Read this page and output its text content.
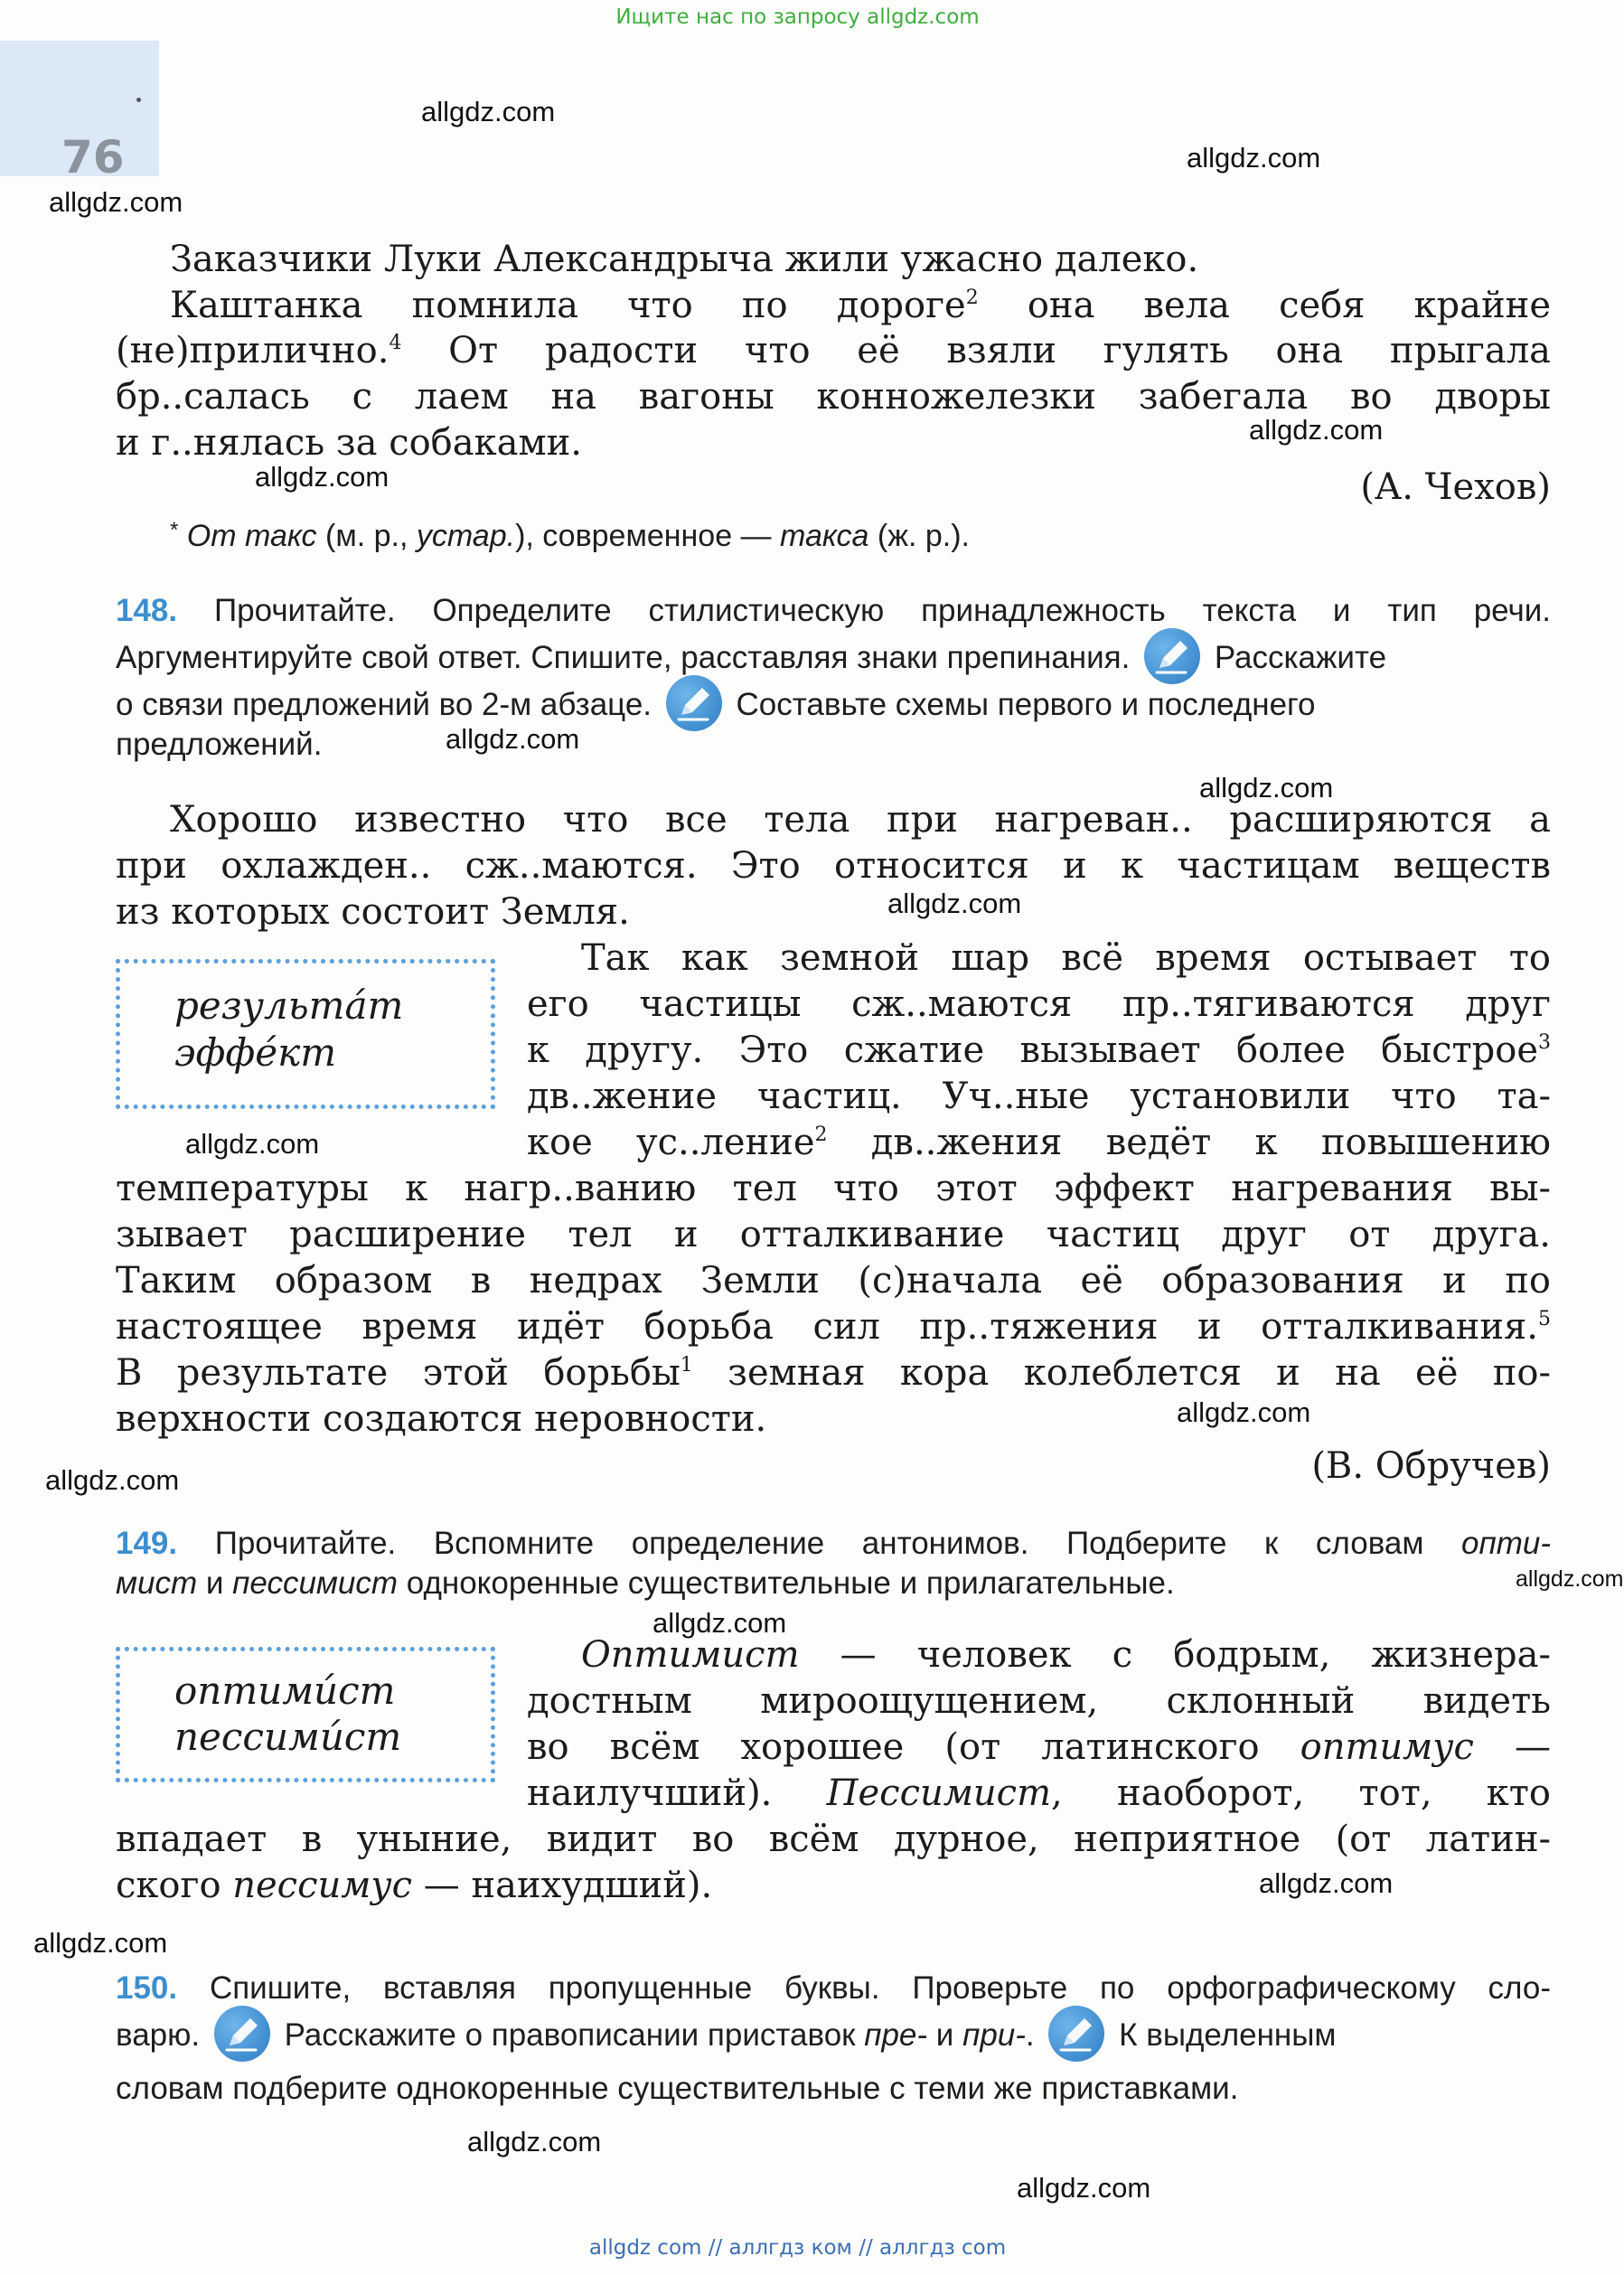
76
Ищите нас по запросу allgdz.com
allgdz.com
allgdz.com
allgdz.com
allgdz.com
allgdz.com
allgdz.com
allgdz.com
allgdz.com
allgdz.com
allgdz.com
allgdz.com
allgdz.com
allgdz.com
allgdz.com
allgdz.com
allgdz.com
allgdz.com
Заказчики Луки Александрыча жили ужасно далеко.
Каштанка помнила что по дороге$^2$ она вела себя крайне
(не)прилично.$^4$ От радости что её взяли гулять она прыгала
бр..салась с лаем на вагоны конножелезки забегала во дворы
и г..нялась за собаками.
(А. Чехов)
* От такс (м. р., устар.), современное — такса (ж. р.).
148. Прочитайте. Определите стилистическую принадлежность текста и тип речи.
Аргументируйте свой ответ. Спишите, расставляя знаки препинания.	Расскажите
о связи предложений во 2-м абзаце.	Составьте схемы первого и последнего
предложений.
Хорошо известно что все тела при нагреван.. расширяются а
при охлажден.. сж..маются. Это относится и к частицам веществ
из которых состоит Земля.
результáт
эффéкт
Так как земной шар всё время остывает то
его частицы сж..маются пр..тягиваются друг
к другу. Это сжатие вызывает более быстрое$^3$
дв..жение частиц. Уч..ные установили что та-
кое ус..ление$^2$ дв..жения ведёт к повышению
температуры к нагр..ванию тел что этот эффект нагревания вы-
зывает расширение тел и отталкивание частиц друг от друга.
Таким образом в недрах Земли (с)начала её образования и по
настоящее время идёт борьба сил пр..тяжения и отталкивания.$^5$
В результате этой борьбы$^1$ земная кора колеблется и на её по-
верхности создаются неровности.
(В. Обручев)
149. Прочитайте. Вспомните определение антонимов. Подберите к словам опти-
мист и пессимист однокоренные существительные и прилагательные.
оптимúст
пессимúст
Оптимист — человек с бодрым, жизнера-
достным мироощущением, склонный видеть
во всём хорошее (от латинского оптимус —
наилучший). Пессимист, наоборот, тот, кто
впадает в уныние, видит во всём дурное, неприятное (от латин-
ского пессимус — наихудший).
150. Спишите, вставляя пропущенные буквы. Проверьте по орфографическому сло-
варю.	Расскажите о правописании приставок пре- и при-.	К выделенным
словам подберите однокоренные существительные с теми же приставками.
allgdz com // аллгдз ком // аллгдз com
